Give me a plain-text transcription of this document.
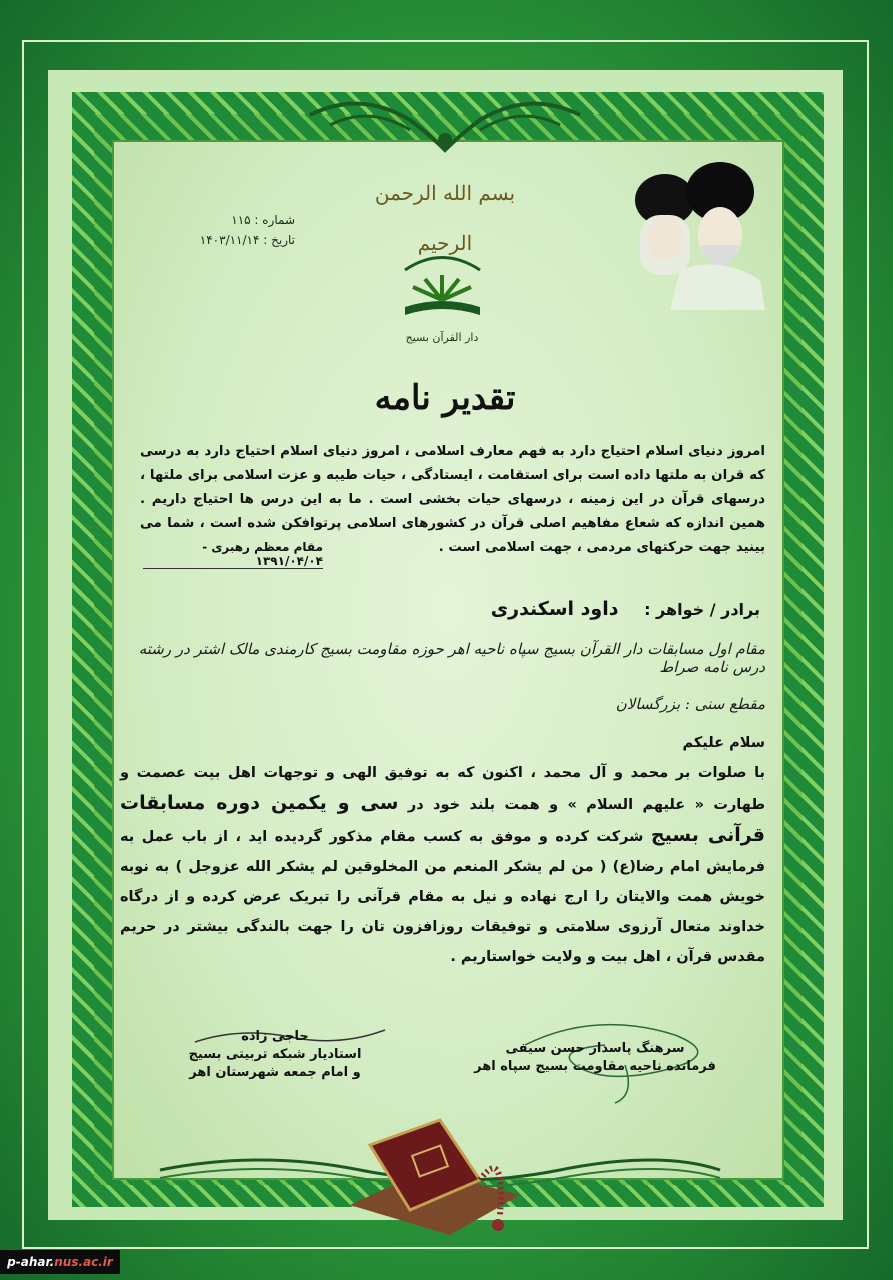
بسم الله الرحمن الرحیم
شماره : ۱۱۵
تاریخ : ۱۴۰۳/۱۱/۱۴
دار القرآن بسیج
تقدیر نامه
امروز دنیای اسلام احتیاج دارد به فهم معارف اسلامی ، امروز دنیای اسلام احتیاج دارد به درسی که قران به ملتها داده است برای استقامت ، ایستادگی ، حیات طیبه و عزت اسلامی برای ملتها ، درسهای قرآن در این زمینه ، درسهای حیات بخشی است . ما به این درس ها احتیاج داریم . همین اندازه که شعاع مفاهیم اصلی قرآن در کشورهای اسلامی پرتوافکن شده است ، شما می بینید جهت حرکتهای مردمی ، جهت اسلامی است .
مقام معظم رهبری - ۱۳۹۱/۰۴/۰۴
برادر / خواهر : داود اسکندری
مقام اول مسابقات دار القرآن بسیج سپاه ناحیه اهر حوزه مقاومت بسیج کارمندی مالک اشتر در رشته درس نامه صراط
مقطع سنی : بزرگسالان
سلام علیکم
با صلوات بر محمد و آل محمد ، اکنون که به توفیق الهی و توجهات اهل بیت عصمت و طهارت « علیهم السلام » و همت بلند خود در سی و یکمین دوره مسابقات قرآنی بسیج شرکت کرده و موفق به کسب مقام مذکور گردیده اید ، از باب عمل به فرمایش امام رضا(ع) ( من لم یشکر المنعم من المخلوقین لم یشکر الله عزوجل ) به نوبه خویش همت والایتان را ارج نهاده و نیل به مقام قرآنی را تبریک عرض کرده و از درگاه خداوند متعال آرزوی سلامتی و توفیقات روزافزون تان را جهت بالندگی بیشتر در حریم مقدس قرآن ، اهل بیت و ولایت خواستاریم .
حاجی زاده
استادیار شبکه تربیتی بسیج
و امام جمعه شهرستان اهر
سرهنگ پاسدار حسن سیفی
فرمانده ناحیه مقاومت بسیج سپاه اهر
p-ahar.nus.ac.ir
